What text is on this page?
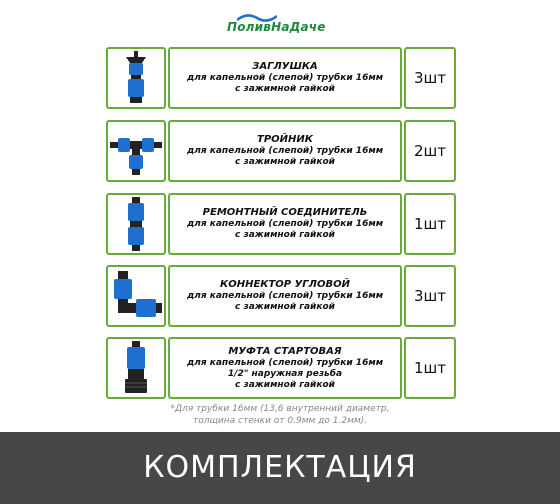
ПоливНаДаче
ЗАГЛУШКА
для капельной (слепой) трубки 16мм
с зажимной гайкой
3шт
ТРОЙНИК
для капельной (слепой) трубки 16мм
с зажимной гайкой
2шт
РЕМОНТНЫЙ СОЕДИНИТЕЛЬ
для капельной (слепой) трубки 16мм
с зажимной гайкой
1шт
КОННЕКТОР УГЛОВОЙ
для капельной (слепой) трубки 16мм
с зажимной гайкой
3шт
МУФТА СТАРТОВАЯ
для капельной (слепой) трубки 16мм
1/2" наружная резьба
с зажимной гайкой
1шт
*Для трубки 16мм (13,6 внутренний диаметр,
толщина стенки от 0.9мм до 1.2мм).
КОМПЛЕКТАЦИЯ
